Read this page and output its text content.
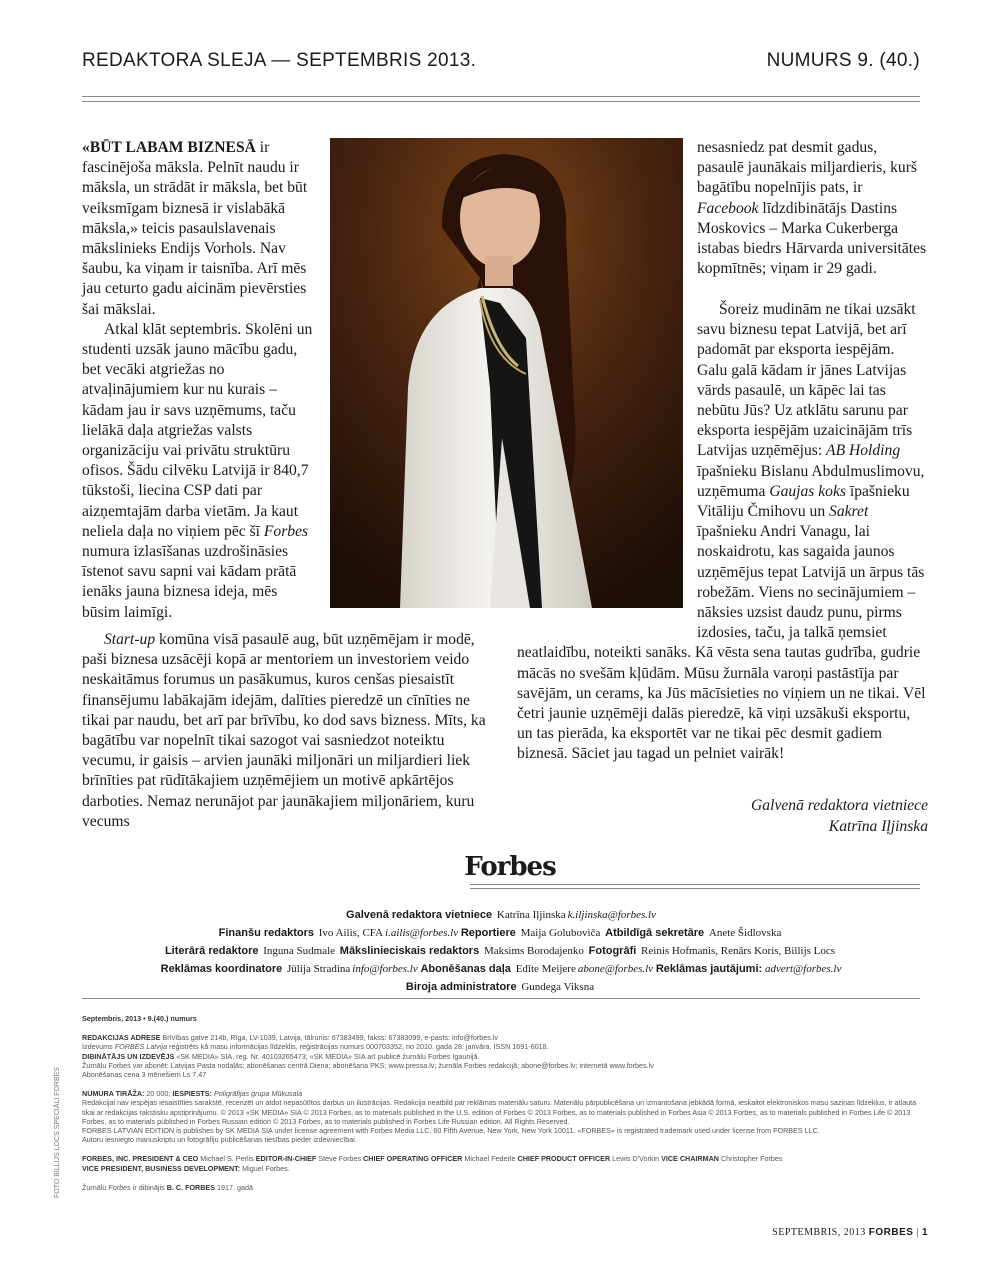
REDAKTORA SLEJA — SEPTEMBRIS 2013.	NUMURS 9. (40.)

«BŪT LABAM BIZNESĀ ir fascinējoša māksla. Pelnīt naudu ir māksla, un strādāt ir māksla, bet būt veiksmīgam biznesā ir vislabākā māksla,» teicis pasaulslavenais mākslinieks Endijs Vorhols. Nav šaubu, ka viņam ir taisnība. Arī mēs jau ceturto gadu aicinām pievērsties šai mākslai.

Atkal klāt septembris. Skolēni un studenti uzsāk jauno mācību gadu, bet vecāki atgriežas no atvaļinājumiem kur nu kurais – kādam jau ir savs uzņēmums, taču lielākā daļa atgriežas valsts organizāciju vai privātu struktūru ofisos. Šādu cilvēku Latvijā ir 840,7 tūkstoši, liecina CSP dati par aizņemtajām darba vietām. Ja kaut neliela daļa no viņiem pēc šī Forbes numura izlasīšanas uzdrošināsies īstenot savu sapni vai kādam prātā ienāks jauna biznesa ideja, mēs būsim laimīgi.

nesasniedz pat desmit gadus, pasaulē jaunākais miljardieris, kurš bagātību nopelnījis pats, ir Facebook līdzdibinātājs Dastins Moskovics – Marka Cukerberga istabas biedrs Hārvarda universitātes kopmītnēs; viņam ir 29 gadi.

Šoreiz mudinām ne tikai uzsākt savu biznesu tepat Latvijā, bet arī padomāt par eksporta iespējām. Galu galā kādam ir jānes Latvijas vārds pasaulē, un kāpēc lai tas nebūtu Jūs? Uz atklātu sarunu par eksporta iespējām uzaicinājām trīs Latvijas uzņēmējus: AB Holding īpašnieku Bislanu Abdulmuslimovu, uzņēmuma Gaujas koks īpašnieku Vitāliju Čmihovu un Sakret īpašnieku Andri Vanagu, lai noskaidrotu, kas sagaida jaunos uzņēmējus tepat Latvijā un ārpus tās robežām. Viens no secinājumiem – nāksies uzsist daudz punu, pirms izdosies, taču, ja talkā ņemsiet neatlaidību, noteikti sanāks. Kā vēsta sena tautas gudrība, gudrie mācās no svešām kļūdām. Mūsu žurnāla varoņi pastāstīja par savējām, un cerams, ka Jūs mācīsieties no viņiem un ne tikai. Vēl četri jaunie uzņēmēji dalās pieredzē, kā viņi uzsākuši eksportu, un tas pierāda, ka eksportēt var ne tikai pēc desmit gadiem biznesā. Sāciet jau tagad un pelniet vairāk!

Start-up komūna visā pasaulē aug, būt uzņēmējam ir modē, paši biznesa uzsācēji kopā ar mentoriem un investoriem veido neskaitāmus forumus un pasākumus, kuros cenšas piesaistīt finansējumu labākajām idejām, dalīties pieredzē un cīnīties ne tikai par naudu, bet arī par brīvību, ko dod savs bizness. Mīts, ka bagātību var nopelnīt tikai sazogot vai sasniedzot noteiktu vecumu, ir gaisis – arvien jaunāki miljonāri un miljardieri liek brīnīties pat rūdītākajiem uzņēmējiem un motivē apkārtējos darboties. Nemaz nerunājot par jaunākajiem miljonāriem, kuru vecums

Galvenā redaktora vietniece
Katrīna Iļjinska
Forbes
Galvenā redaktora vietniece Katrīna Iļjinska k.iljinska@forbes.lv
Finanšu redaktors Ivo Ailis, CFA i.ailis@forbes.lv Reportiere Maija Goluboviča Atbildīgā sekretāre Anete Šidlovska
Literārā redaktore Inguna Sudmale Mākslinieciskais redaktors Maksims Borodajenko Fotogrāfi Reinis Hofmanis, Renārs Koris, Billijs Locs
Reklāmas koordinatore Jūlija Stradina info@forbes.lv Abonēšanas daļa Edīte Meijere abone@forbes.lv Reklāmas jautājumi: advert@forbes.lv
Biroja administratore Gundega Viksna
Septembris, 2013 • 9.(40.) numurs
REDAKCIJAS ADRESE Brīvības gatve 214b, Rīga, LV-1039, Latvija, tālrunis: 67383499, fakss: 67383099, e-pasts: info@forbes.lv
Izdevums FORBES Latvija reģistrēts kā masu informācijas līdzeklis, reģistrācijas numurs 000703352, no 2010. gada 28. janvāra. ISSN 1691-6018.
DIBINĀTĀJS UN IZDEVĒJS «SK MEDIA» SIA, reg. Nr. 40103265473; «SK MEDIA» SIA arī publicē žurnālu Forbes Igaunijā.
Žurnālu Forbes var abonēt: Latvijas Pasta nodaļās; abonēšanas centrā Diena; abonēšana PKS; www.pressa.lv; žurnāla Forbes redakcijā; abone@forbes.lv; internetā www.forbes.lv
Abonēšanas cena 3 mēnešiem Ls 7,47
NUMURA TIRĀŽA: 20 000; IESPIESTS: Poligrāfijas grupa Mūkusala
Redakcijai nav iespējas iesaistīties sarakstē, recenzēt un atdot nepasūtītos darbus un ilustrācijas. Redakcija neatbild par reklāmas materiālu saturu. Materiālu pārpublicēšana un izmantošana jebkādā formā, ieskaitot elektroniskos masu saziņas līdzekļus, ir atļauta tikai ar redakcijas rakstisku apstiprinājumu. © 2013 «SK MEDIA» SIA © 2013 Forbes, as to materials published in the U.S. edition of Forbes © 2013 Forbes, as to materials published in Forbes Asia © 2013 Forbes, as to materials published in Forbes Life © 2013 Forbes, as to materials published in Forbes Russian edition © 2013 Forbes, as to materials published in Forbes Life Russian edition. All Rights Reserved.
FORBES LATVIAN EDITION is publishes by SK MEDIA SIA under license agreement with Forbes Media LLC, 60 Fifth Avenue, New York, New York 10011. «FORBES» is registrated trademark used under license from FORBES LLC.
Autoru iesniegto manuskriptu un fotogrāfiju publicēšanas tiesības pieder izdevniecībai.
FORBES, INC. PRESIDENT & CEO Michael S. Perlis EDITOR-IN-CHIEF Steve Forbes CHIEF OPERATING OFFICER Michael Federle CHIEF PRODUCT OFFICER Lewis D'Vorkin VICE CHAIRMAN Christopher Forbes
VICE PRESIDENT, BUSINESS DEVELOPMENT: Miguel Forbes.
Žurnālu Forbes ir dibinājis B. C. FORBES 1917. gadā
FOTO BILLIJS LOCS SPECIĀLI FORBES
SEPTEMBRIS, 2013 FORBES | 1
